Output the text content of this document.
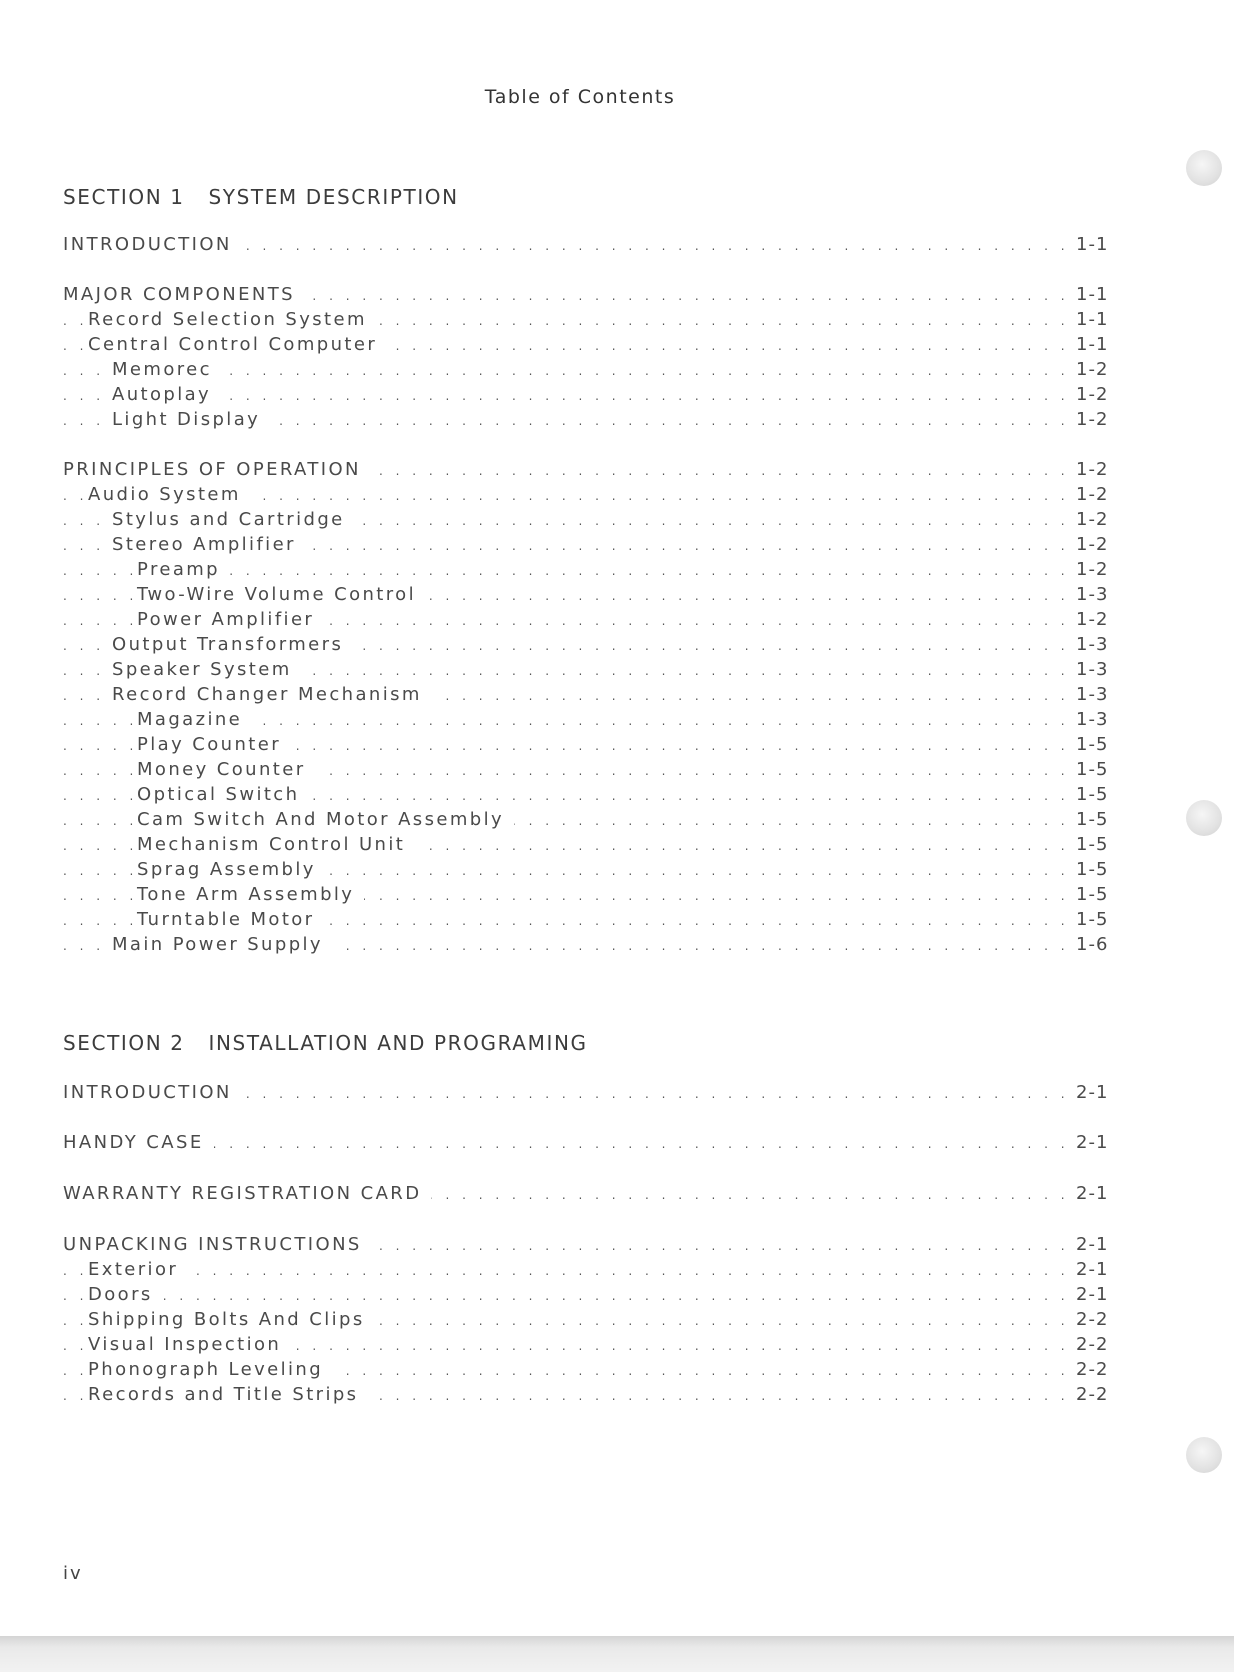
Table of Contents
SECTION 1   SYSTEM DESCRIPTION
INTRODUCTION . . .	1-1
MAJOR COMPONENTS . . .	1-1
Record Selection System . . .	1-1
Central Control Computer . . .	1-1
Memorec . . .	1-2
Autoplay . . .	1-2
Light Display . . .	1-2
PRINCIPLES OF OPERATION . . .	1-2
Audio System . . .	1-2
Stylus and Cartridge . . .	1-2
Stereo Amplifier . . .	1-2
Preamp . . .	1-2
Two-Wire Volume Control . . .	1-3
Power Amplifier . . .	1-2
Output Transformers . . .	1-3
Speaker System . . .	1-3
Record Changer Mechanism . . .	1-3
Magazine . . .	1-3
Play Counter . . .	1-5
Money Counter . . .	1-5
Optical Switch . . .	1-5
Cam Switch And Motor Assembly . . .	1-5
Mechanism Control Unit . . .	1-5
Sprag Assembly . . .	1-5
Tone Arm Assembly . . .	1-5
Turntable Motor . . .	1-5
Main Power Supply . . .	1-6
SECTION 2   INSTALLATION AND PROGRAMING
INTRODUCTION . . .	2-1
HANDY CASE . . .	2-1
WARRANTY REGISTRATION CARD . . .	2-1
UNPACKING INSTRUCTIONS . . .	2-1
Exterior . . .	2-1
Doors . . .	2-1
Shipping Bolts And Clips . . .	2-2
Visual Inspection . . .	2-2
Phonograph Leveling . . .	2-2
Records and Title Strips . . .	2-2
iv
